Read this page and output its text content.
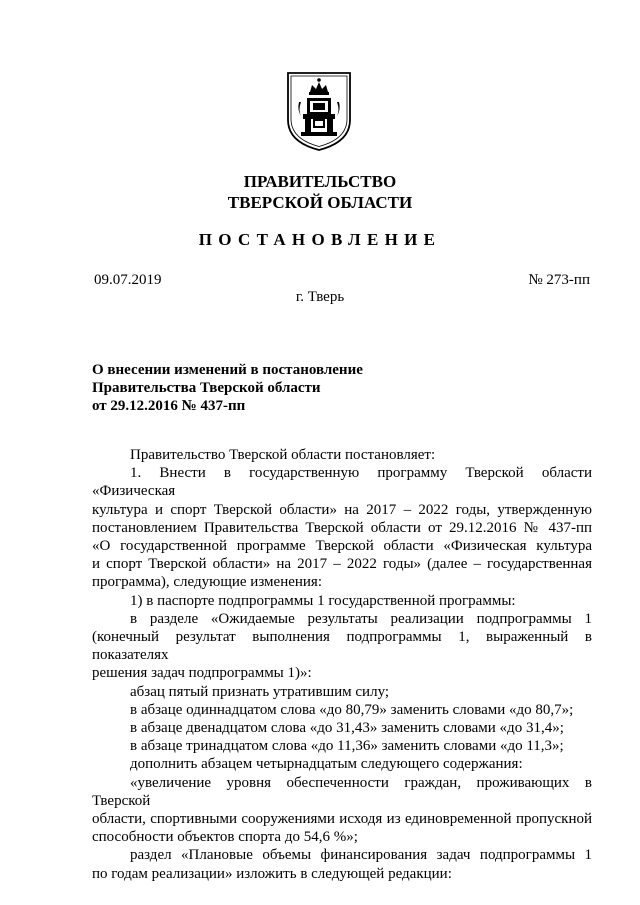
ПРАВИТЕЛЬСТВО
ТВЕРСКОЙ ОБЛАСТИ
ПОСТАНОВЛЕНИЕ
09.07.2019	№ 273-пп
г. Тверь
О внесении изменений в постановление
Правительства Тверской области
от 29.12.2016 № 437-пп
Правительство Тверской области постановляет:
1. Внести в государственную программу Тверской области «Физическая
культура и спорт Тверской области» на 2017 – 2022 годы, утвержденную
постановлением Правительства Тверской области от 29.12.2016 № 437-пп
«О государственной программе Тверской области «Физическая культура
и спорт Тверской области» на 2017 – 2022 годы» (далее – государственная
программа), следующие изменения:
1) в паспорте подпрограммы 1 государственной программы:
в разделе «Ожидаемые результаты реализации подпрограммы 1
(конечный результат выполнения подпрограммы 1, выраженный в показателях
решения задач подпрограммы 1)»:
абзац пятый признать утратившим силу;
в абзаце одиннадцатом слова «до 80,79» заменить словами «до 80,7»;
в абзаце двенадцатом слова «до 31,43» заменить словами «до 31,4»;
в абзаце тринадцатом слова «до 11,36» заменить словами «до 11,3»;
дополнить абзацем четырнадцатым следующего содержания:
«увеличение уровня обеспеченности граждан, проживающих в Тверской
области, спортивными сооружениями исходя из единовременной пропускной
способности объектов спорта до 54,6 %»;
раздел «Плановые объемы финансирования задач подпрограммы 1
по годам реализации» изложить в следующей редакции:
